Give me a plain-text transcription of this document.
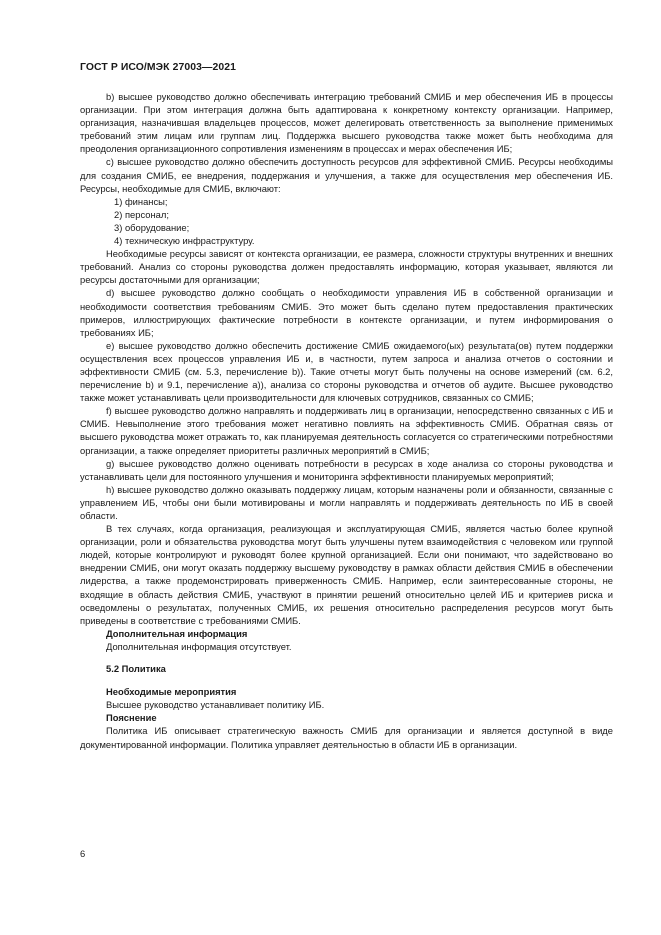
ГОСТ Р ИСО/МЭК 27003—2021

b) высшее руководство должно обеспечивать интеграцию требований СМИБ и мер обеспечения ИБ в процессы организации. При этом интеграция должна быть адаптирована к конкретному контексту организации. Например, организация, назначившая владельцев процессов, может делегировать ответственность за выполнение применимых требований этим лицам или группам лиц. Поддержка высшего руководства также может быть необходима для преодоления организационного сопротивления изменениям в процессах и мерах обеспечения ИБ;

c) высшее руководство должно обеспечить доступность ресурсов для эффективной СМИБ. Ресурсы необходимы для создания СМИБ, ее внедрения, поддержания и улучшения, а также для осуществления мер обеспечения ИБ. Ресурсы, необходимые для СМИБ, включают:

1) финансы;

2) персонал;

3) оборудование;

4) техническую инфраструктуру.

Необходимые ресурсы зависят от контекста организации, ее размера, сложности структуры внутренних и внешних требований. Анализ со стороны руководства должен предоставлять информацию, которая указывает, являются ли ресурсы достаточными для организации;

d) высшее руководство должно сообщать о необходимости управления ИБ в собственной организации и необходимости соответствия требованиям СМИБ. Это может быть сделано путем предоставления практических примеров, иллюстрирующих фактические потребности в контексте организации, и путем информирования о требованиях ИБ;

e) высшее руководство должно обеспечить достижение СМИБ ожидаемого(ых) результата(ов) путем поддержки осуществления всех процессов управления ИБ и, в частности, путем запроса и анализа отчетов о состоянии и эффективности СМИБ (см. 5.3, перечисление b)). Такие отчеты могут быть получены на основе измерений (см. 6.2, перечисление b) и 9.1, перечисление a)), анализа со стороны руководства и отчетов об аудите. Высшее руководство также может устанавливать цели производительности для ключевых сотрудников, связанных со СМИБ;

f) высшее руководство должно направлять и поддерживать лиц в организации, непосредственно связанных с ИБ и СМИБ. Невыполнение этого требования может негативно повлиять на эффективность СМИБ. Обратная связь от высшего руководства может отражать то, как планируемая деятельность согласуется со стратегическими потребностями организации, а также определяет приоритеты различных мероприятий в СМИБ;

g) высшее руководство должно оценивать потребности в ресурсах в ходе анализа со стороны руководства и устанавливать цели для постоянного улучшения и мониторинга эффективности планируемых мероприятий;

h) высшее руководство должно оказывать поддержку лицам, которым назначены роли и обязанности, связанные с управлением ИБ, чтобы они были мотивированы и могли направлять и поддерживать деятельность по ИБ в своей области.

В тех случаях, когда организация, реализующая и эксплуатирующая СМИБ, является частью более крупной организации, роли и обязательства руководства могут быть улучшены путем взаимодействия с человеком или группой людей, которые контролируют и руководят более крупной организацией. Если они понимают, что задействовано во внедрении СМИБ, они могут оказать поддержку высшему руководству в рамках области действия СМИБ в обеспечении лидерства, а также продемонстрировать приверженность СМИБ. Например, если заинтересованные стороны, не входящие в область действия СМИБ, участвуют в принятии решений относительно целей ИБ и критериев риска и осведомлены о результатах, полученных СМИБ, их решения относительно распределения ресурсов могут быть приведены в соответствие с требованиями СМИБ.

Дополнительная информация

Дополнительная информация отсутствует.

5.2 Политика

Необходимые мероприятия

Высшее руководство устанавливает политику ИБ.

Пояснение

Политика ИБ описывает стратегическую важность СМИБ для организации и является доступной в виде документированной информации. Политика управляет деятельностью в области ИБ в организации.

6
